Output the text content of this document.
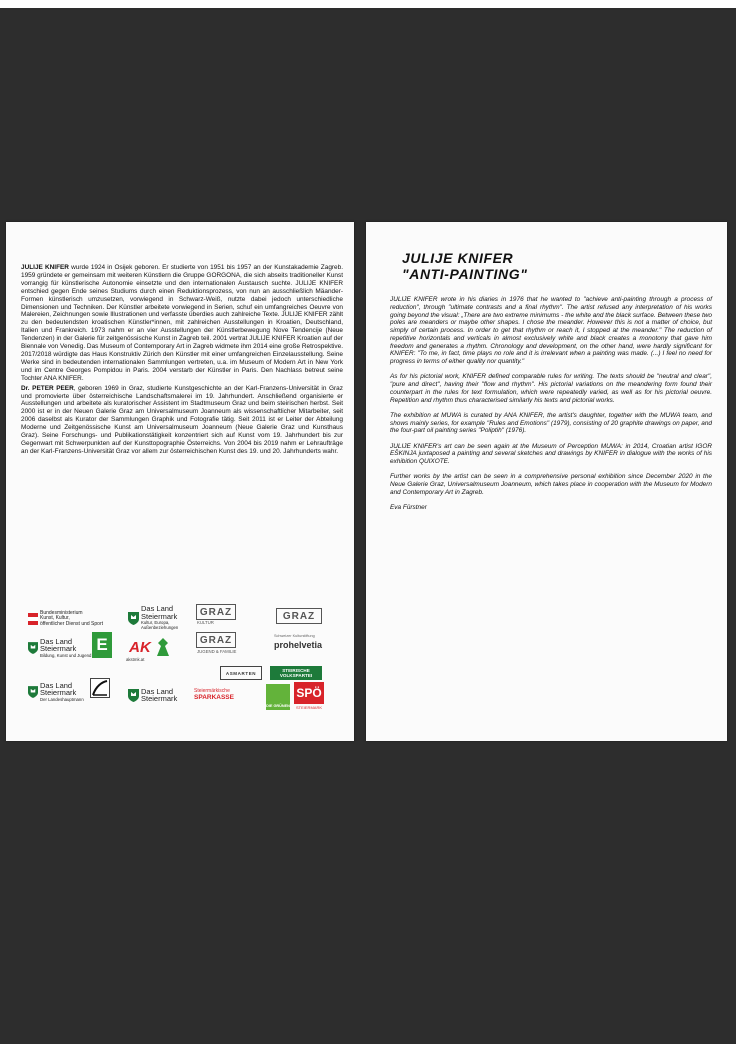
JULIJE KNIFER wurde 1924 in Osijek geboren. Er studierte von 1951 bis 1957 an der Kunstakademie Zagreb. 1959 gründete er gemeinsam mit weiteren Künstlern die Gruppe GORGONA, die sich abseits traditioneller Kunst vorrangig für künstlerische Autonomie einsetzte und den internationalen Austausch suchte. JULIJE KNIFER entschied gegen Ende seines Studiums durch einen Reduktionsprozess, von nun an ausschließlich Mäander-Formen künstlerisch umzusetzen, vorwiegend in Schwarz-Weiß, nutzte dabei jedoch unterschiedliche Dimensionen und Techniken. Der Künstler arbeitete vorwiegend in Serien, schuf ein umfangreiches Oeuvre von Malereien, Zeichnungen sowie Illustrationen und verfasste überdies auch zahlreiche Texte. JULIJE KNIFER zählt zu den bedeutendsten kroatischen Künstler*innen, mit zahlreichen Ausstellungen in Kroatien, Deutschland, Italien und Frankreich. 1973 nahm er an vier Ausstellungen der Künstlerbewegung Nove Tendencije (Neue Tendenzen) in der Galerie für zeitgenössische Kunst in Zagreb teil. 2001 vertrat JULIJE KNIFER Kroatien auf der Biennale von Venedig. Das Museum of Contemporary Art in Zagreb widmete ihm 2014 eine große Retrospektive. 2017/2018 würdigte das Haus Konstruktiv Zürich den Künstler mit einer umfangreichen Einzelausstellung. Seine Werke sind in bedeutenden internationalen Sammlungen vertreten, u.a. im Museum of Modern Art in New York und im Centre Georges Pompidou in Paris. 2004 verstarb der Künstler in Paris. Den Nachlass betreut seine Tochter ANA KNIFER.

Dr. PETER PEER, geboren 1969 in Graz, studierte Kunstgeschichte an der Karl-Franzens-Universität in Graz und promovierte über österreichische Landschaftsmalerei im 19. Jahrhundert. Anschließend organisierte er Ausstellungen und arbeitete als kuratorischer Assistent im Stadtmuseum Graz und beim steirischen herbst. Seit 2000 ist er in der Neuen Galerie Graz am Universalmuseum Joanneum als wissenschaftlicher Mitarbeiter, seit 2006 daselbst als Kurator der Sammlungen Graphik und Fotografie tätig. Seit 2011 ist er Leiter der Abteilung Moderne und Zeitgenössische Kunst am Universalmuseum Joanneum (Neue Galerie Graz und Kunsthaus Graz). Seine Forschungs- und Publikationstätigkeit konzentriert sich auf Kunst vom 19. Jahrhundert bis zur Gegenwart mit Schwerpunkten auf der Kunsttopographie Österreichs. Von 2004 bis 2019 nahm er Lehraufträge an der Karl-Franzens-Universität Graz vor allem zur österreichischen Kunst des 19. und 20. Jahrhunderts wahr.

Bundesministerium
Kunst, Kultur,
öffentlicher Dienst und Sport
Das Land
Steiermark
Kultur, Europa,
Außenbeziehungen
GRAZ
KULTUR
GRAZ
Das Land
Steiermark
Bildung, Kunst und Jugend
E AK
akstmk.at
GRAZ
JUGEND & FAMILIE
Schweizer Kulturstiftung
prohelvetia
Das Land
Steiermark
Der Landeshauptmann
Das Land
Steiermark
ASMARTEN	STEIRISCHE
VOLKSPARTEI
Steiermärkische
SPARKASSE
DIE GRÜNEN
SPÖ
STEIERMARK
JULIJE KNIFER
"ANTI-PAINTING"

JULIJE KNIFER wrote in his diaries in 1976 that he wanted to "achieve anti-painting through a process of reduction", through "ultimate contrasts and a final rhythm". The artist refused any interpretation of his works going beyond the visual: „There are two extreme minimums - the white and the black surface. Between these two poles are meanders or maybe other shapes. I chose the meander. However this is not a matter of choice, but simply of certain process. In order to get that rhythm or reach it, I stopped at the meander." The reduction of repetitive horizontals and verticals in almost exclusively white and black creates a monotony that gave him freedom and generates a rhythm. Chronology and development, on the other hand, were hardly significant for KNIFER: "To me, in fact, time plays no role and it is irrelevant when a painting was made. (...) I feel no need for progress in terms of either quality nor quantity."

As for his pictorial work, KNIFER defined comparable rules for writing. The texts should be "neutral and clear", "pure and direct", having their "flow and rhythm". His pictorial variations on the meandering form found their counterpart in the rules for text formulation, which were repeatedly varied, as well as for his pictorial oeuvre. Repetition and rhythm thus characterised similarly his texts and pictorial works.

The exhibition at MUWA is curated by ANA KNIFER, the artist's daughter, together with the MUWA team, and shows mainly series, for example "Rules and Emotions" (1979), consisting of 20 graphite drawings on paper, and the four-part oil painting series "Poliptih" (1976).

JULIJE KNIFER's art can be seen again at the Museum of Perception MUWA: in 2014, Croatian artist IGOR EŠKINJA juxtaposed a painting and several sketches and drawings by KNIFER in dialogue with the works of his exhibition QUIXOTE.

Further works by the artist can be seen in a comprehensive personal exhibition since December 2020 in the Neue Galerie Graz, Universalmuseum Joanneum, which takes place in cooperation with the Museum for Modern and Contemporary Art in Zagreb.

Eva Fürstner
